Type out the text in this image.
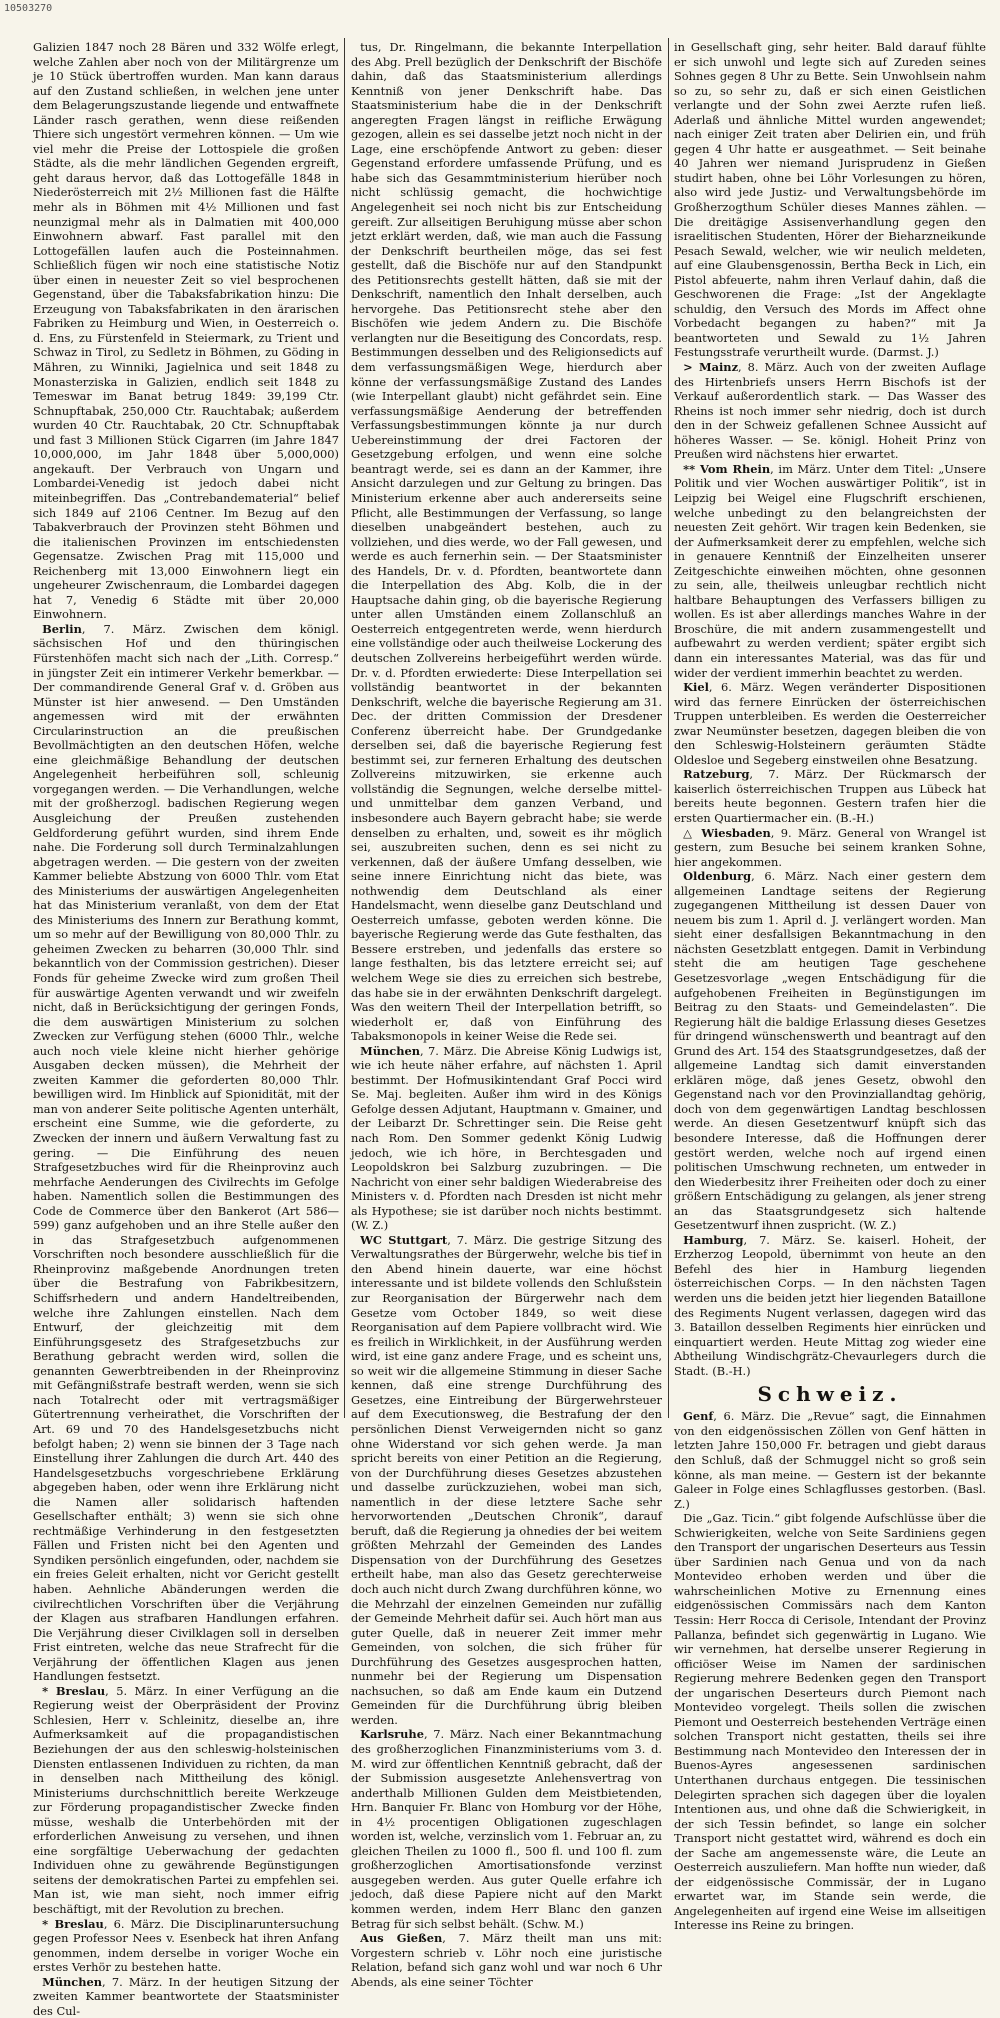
10503270

Galizien 1847 noch 28 Bären und 332 Wölfe erlegt, welche Zahlen aber noch von der Militärgrenze um je 10 Stück übertroffen wurden. Man kann daraus auf den Zustand schließen, in welchen jene unter dem Belagerungszustande liegende und entwaffnete Länder rasch gerathen, wenn diese reißenden Thiere sich ungestört vermehren können. — Um wie viel mehr die Preise der Lottospiele die großen Städte, als die mehr ländlichen Gegenden ergreift, geht daraus hervor, daß das Lottogefälle 1848 in Niederösterreich mit 2½ Millionen fast die Hälfte mehr als in Böhmen mit 4½ Millionen und fast neunzigmal mehr als in Dalmatien mit 400,000 Einwohnern abwarf. Fast parallel mit den Lottogefällen laufen auch die Posteinnahmen. Schließlich fügen wir noch eine statistische Notiz über einen in neuester Zeit so viel besprochenen Gegenstand, über die Tabaksfabrikation hinzu: Die Erzeugung von Tabaksfabrikaten in den ärarischen Fabriken zu Heimburg und Wien, in Oesterreich o. d. Ens, zu Fürstenfeld in Steiermark, zu Trient und Schwaz in Tirol, zu Sedletz in Böhmen, zu Göding in Mähren, zu Winniki, Jagielnica und seit 1848 zu Monasterziska in Galizien, endlich seit 1848 zu Temeswar im Banat betrug 1849: 39,199 Ctr. Schnupftabak, 250,000 Ctr. Rauchtabak; außerdem wurden 40 Ctr. Rauchtabak, 20 Ctr. Schnupftabak und fast 3 Millionen Stück Cigarren (im Jahre 1847 10,000,000, im Jahr 1848 über 5,000,000) angekauft. Der Verbrauch von Ungarn und Lombardei-Venedig ist jedoch dabei nicht miteinbegriffen. Das „Contrebandematerial“ belief sich 1849 auf 2106 Centner. Im Bezug auf den Tabakverbrauch der Provinzen steht Böhmen und die italienischen Provinzen im entschiedensten Gegensatze. Zwischen Prag mit 115,000 und Reichenberg mit 13,000 Einwohnern liegt ein ungeheurer Zwischenraum, die Lombardei dagegen hat 7, Venedig 6 Städte mit über 20,000 Einwohnern.

Berlin, 7. März. Zwischen dem königl. sächsischen Hof und den thüringischen Fürstenhöfen macht sich nach der „Lith. Corresp.“ in jüngster Zeit ein intimerer Verkehr bemerkbar. — Der commandirende General Graf v. d. Gröben aus Münster ist hier anwesend. — Den Umständen angemessen wird mit der erwähnten Circularinstruction an die preußischen Bevollmächtigten an den deutschen Höfen, welche eine gleichmäßige Behandlung der deutschen Angelegenheit herbeiführen soll, schleunig vorgegangen werden. — Die Verhandlungen, welche mit der großherzogl. badischen Regierung wegen Ausgleichung der Preußen zustehenden Geldforderung geführt wurden, sind ihrem Ende nahe. Die Forderung soll durch Terminalzahlungen abgetragen werden. — Die gestern von der zweiten Kammer beliebte Abstzung von 6000 Thlr. vom Etat des Ministeriums der auswärtigen Angelegenheiten hat das Ministerium veranlaßt, von dem der Etat des Ministeriums des Innern zur Berathung kommt, um so mehr auf der Bewilligung von 80,000 Thlr. zu geheimen Zwecken zu beharren (30,000 Thlr. sind bekanntlich von der Commission gestrichen). Dieser Fonds für geheime Zwecke wird zum großen Theil für auswärtige Agenten verwandt und wir zweifeln nicht, daß in Berücksichtigung der geringen Fonds, die dem auswärtigen Ministerium zu solchen Zwecken zur Verfügung stehen (6000 Thlr., welche auch noch viele kleine nicht hierher gehörige Ausgaben decken müssen), die Mehrheit der zweiten Kammer die geforderten 80,000 Thlr. bewilligen wird. Im Hinblick auf Spionidität, mit der man von anderer Seite politische Agenten unterhält, erscheint eine Summe, wie die geforderte, zu Zwecken der innern und äußern Verwaltung fast zu gering. — Die Einführung des neuen Strafgesetzbuches wird für die Rheinprovinz auch mehrfache Aenderungen des Civilrechts im Gefolge haben. Namentlich sollen die Bestimmungen des Code de Commerce über den Bankerot (Art 586—599) ganz aufgehoben und an ihre Stelle außer den in das Strafgesetzbuch aufgenommenen Vorschriften noch besondere ausschließlich für die Rheinprovinz maßgebende Anordnungen treten über die Bestrafung von Fabrikbesitzern, Schiffsrhedern und andern Handeltreibenden, welche ihre Zahlungen einstellen. Nach dem Entwurf, der gleichzeitig mit dem Einführungsgesetz des Strafgesetzbuchs zur Berathung gebracht werden wird, sollen die genannten Gewerbtreibenden in der Rheinprovinz mit Gefängnißstrafe bestraft werden, wenn sie sich nach Totalrecht oder mit vertragsmäßiger Gütertrennung verheirathet, die Vorschriften der Art. 69 und 70 des Handelsgesetzbuchs nicht befolgt haben; 2) wenn sie binnen der 3 Tage nach Einstellung ihrer Zahlungen die durch Art. 440 des Handelsgesetzbuchs vorgeschriebene Erklärung abgegeben haben, oder wenn ihre Erklärung nicht die Namen aller solidarisch haftenden Gesellschafter enthält; 3) wenn sie sich ohne rechtmäßige Verhinderung in den festgesetzten Fällen und Fristen nicht bei den Agenten und Syndiken persönlich eingefunden, oder, nachdem sie ein freies Geleit erhalten, nicht vor Gericht gestellt haben. Aehnliche Abänderungen werden die civilrechtlichen Vorschriften über die Verjährung der Klagen aus strafbaren Handlungen erfahren. Die Verjährung dieser Civilklagen soll in derselben Frist eintreten, welche das neue Strafrecht für die Verjährung der öffentlichen Klagen aus jenen Handlungen festsetzt.

* Breslau, 5. März. In einer Verfügung an die Regierung weist der Oberpräsident der Provinz Schlesien, Herr v. Schleinitz, dieselbe an, ihre Aufmerksamkeit auf die propagandistischen Beziehungen der aus den schleswig-holsteinischen Diensten entlassenen Individuen zu richten, da man in denselben nach Mittheilung des königl. Ministeriums durchschnittlich bereite Werkzeuge zur Förderung propagandistischer Zwecke finden müsse, weshalb die Unterbehörden mit der erforderlichen Anweisung zu versehen, und ihnen eine sorgfältige Ueberwachung der gedachten Individuen ohne zu gewährende Begünstigungen seitens der demokratischen Partei zu empfehlen sei. Man ist, wie man sieht, noch immer eifrig beschäftigt, mit der Revolution zu brechen.

* Breslau, 6. März. Die Disciplinaruntersuchung gegen Professor Nees v. Esenbeck hat ihren Anfang genommen, indem derselbe in voriger Woche ein erstes Verhör zu bestehen hatte.

München, 7. März. In der heutigen Sitzung der zweiten Kammer beantwortete der Staatsminister des Cul-

tus, Dr. Ringelmann, die bekannte Interpellation des Abg. Prell bezüglich der Denkschrift der Bischöfe dahin, daß das Staatsministerium allerdings Kenntniß von jener Denkschrift habe. Das Staatsministerium habe die in der Denkschrift angeregten Fragen längst in reifliche Erwägung gezogen, allein es sei dasselbe jetzt noch nicht in der Lage, eine erschöpfende Antwort zu geben: dieser Gegenstand erfordere umfassende Prüfung, und es habe sich das Gesammtministerium hierüber noch nicht schlüssig gemacht, die hochwichtige Angelegenheit sei noch nicht bis zur Entscheidung gereift. Zur allseitigen Beruhigung müsse aber schon jetzt erklärt werden, daß, wie man auch die Fassung der Denkschrift beurtheilen möge, das sei fest gestellt, daß die Bischöfe nur auf den Standpunkt des Petitionsrechts gestellt hätten, daß sie mit der Denkschrift, namentlich den Inhalt derselben, auch hervorgehe. Das Petitionsrecht stehe aber den Bischöfen wie jedem Andern zu. Die Bischöfe verlangten nur die Beseitigung des Concordats, resp. Bestimmungen desselben und des Religionsedicts auf dem verfassungsmäßigen Wege, hierdurch aber könne der verfassungsmäßige Zustand des Landes (wie Interpellant glaubt) nicht gefährdet sein. Eine verfassungsmäßige Aenderung der betreffenden Verfassungsbestimmungen könnte ja nur durch Uebereinstimmung der drei Factoren der Gesetzgebung erfolgen, und wenn eine solche beantragt werde, sei es dann an der Kammer, ihre Ansicht darzulegen und zur Geltung zu bringen. Das Ministerium erkenne aber auch andererseits seine Pflicht, alle Bestimmungen der Verfassung, so lange dieselben unabgeändert bestehen, auch zu vollziehen, und dies werde, wo der Fall gewesen, und werde es auch fernerhin sein. — Der Staatsminister des Handels, Dr. v. d. Pfordten, beantwortete dann die Interpellation des Abg. Kolb, die in der Hauptsache dahin ging, ob die bayerische Regierung unter allen Umständen einem Zollanschluß an Oesterreich entgegentreten werde, wenn hierdurch eine vollständige oder auch theilweise Lockerung des deutschen Zollvereins herbeigeführt werden würde. Dr. v. d. Pfordten erwiederte: Diese Interpellation sei vollständig beantwortet in der bekannten Denkschrift, welche die bayerische Regierung am 31. Dec. der dritten Commission der Dresdener Conferenz überreicht habe. Der Grundgedanke derselben sei, daß die bayerische Regierung fest bestimmt sei, zur ferneren Erhaltung des deutschen Zollvereins mitzuwirken, sie erkenne auch vollständig die Segnungen, welche derselbe mittel- und unmittelbar dem ganzen Verband, und insbesondere auch Bayern gebracht habe; sie werde denselben zu erhalten, und, soweit es ihr möglich sei, auszubreiten suchen, denn es sei nicht zu verkennen, daß der äußere Umfang desselben, wie seine innere Einrichtung nicht das biete, was nothwendig dem Deutschland als einer Handelsmacht, wenn dieselbe ganz Deutschland und Oesterreich umfasse, geboten werden könne. Die bayerische Regierung werde das Gute festhalten, das Bessere erstreben, und jedenfalls das erstere so lange festhalten, bis das letztere erreicht sei; auf welchem Wege sie dies zu erreichen sich bestrebe, das habe sie in der erwähnten Denkschrift dargelegt. Was den weitern Theil der Interpellation betrifft, so wiederholt er, daß von Einführung des Tabaksmonopols in keiner Weise die Rede sei.

München, 7. März. Die Abreise König Ludwigs ist, wie ich heute näher erfahre, auf nächsten 1. April bestimmt. Der Hofmusikintendant Graf Pocci wird Se. Maj. begleiten. Außer ihm wird in des Königs Gefolge dessen Adjutant, Hauptmann v. Gmainer, und der Leibarzt Dr. Schrettinger sein. Die Reise geht nach Rom. Den Sommer gedenkt König Ludwig jedoch, wie ich höre, in Berchtesgaden und Leopoldskron bei Salzburg zuzubringen. — Die Nachricht von einer sehr baldigen Wiederabreise des Ministers v. d. Pfordten nach Dresden ist nicht mehr als Hypothese; sie ist darüber noch nichts bestimmt. (W. Z.)

WC Stuttgart, 7. März. Die gestrige Sitzung des Verwaltungsrathes der Bürgerwehr, welche bis tief in den Abend hinein dauerte, war eine höchst interessante und ist bildete vollends den Schlußstein zur Reorganisation der Bürgerwehr nach dem Gesetze vom October 1849, so weit diese Reorganisation auf dem Papiere vollbracht wird. Wie es freilich in Wirklichkeit, in der Ausführung werden wird, ist eine ganz andere Frage, und es scheint uns, so weit wir die allgemeine Stimmung in dieser Sache kennen, daß eine strenge Durchführung des Gesetzes, eine Eintreibung der Bürgerwehrsteuer auf dem Executionsweg, die Bestrafung der den persönlichen Dienst Verweigernden nicht so ganz ohne Widerstand vor sich gehen werde. Ja man spricht bereits von einer Petition an die Regierung, von der Durchführung dieses Gesetzes abzustehen und dasselbe zurückzuziehen, wobei man sich, namentlich in der diese letztere Sache sehr hervorwortenden „Deutschen Chronik“, darauf beruft, daß die Regierung ja ohnedies der bei weitem größten Mehrzahl der Gemeinden des Landes Dispensation von der Durchführung des Gesetzes ertheilt habe, man also das Gesetz gerechterweise doch auch nicht durch Zwang durchführen könne, wo die Mehrzahl der einzelnen Gemeinden nur zufällig der Gemeinde Mehrheit dafür sei. Auch hört man aus guter Quelle, daß in neuerer Zeit immer mehr Gemeinden, von solchen, die sich früher für Durchführung des Gesetzes ausgesprochen hatten, nunmehr bei der Regierung um Dispensation nachsuchen, so daß am Ende kaum ein Dutzend Gemeinden für die Durchführung übrig bleiben werden.

Karlsruhe, 7. März. Nach einer Bekanntmachung des großherzoglichen Finanzministeriums vom 3. d. M. wird zur öffentlichen Kenntniß gebracht, daß der der Submission ausgesetzte Anlehensvertrag von anderthalb Millionen Gulden dem Meistbietenden, Hrn. Banquier Fr. Blanc von Homburg vor der Höhe, in 4½ procentigen Obligationen zugeschlagen worden ist, welche, verzinslich vom 1. Februar an, zu gleichen Theilen zu 1000 fl., 500 fl. und 100 fl. zum großherzoglichen Amortisationsfonde verzinst ausgegeben werden. Aus guter Quelle erfahre ich jedoch, daß diese Papiere nicht auf den Markt kommen werden, indem Herr Blanc den ganzen Betrag für sich selbst behält. (Schw. M.)

Aus Gießen, 7. März theilt man uns mit: Vorgestern schrieb v. Löhr noch eine juristische Relation, befand sich ganz wohl und war noch 6 Uhr Abends, als eine seiner Töchter

in Gesellschaft ging, sehr heiter. Bald darauf fühlte er sich unwohl und legte sich auf Zureden seines Sohnes gegen 8 Uhr zu Bette. Sein Unwohlsein nahm so zu, so sehr zu, daß er sich einen Geistlichen verlangte und der Sohn zwei Aerzte rufen ließ. Aderlaß und ähnliche Mittel wurden angewendet; nach einiger Zeit traten aber Delirien ein, und früh gegen 4 Uhr hatte er ausgeathmet. — Seit beinahe 40 Jahren wer niemand Jurisprudenz in Gießen studirt haben, ohne bei Löhr Vorlesungen zu hören, also wird jede Justiz- und Verwaltungsbehörde im Großherzogthum Schüler dieses Mannes zählen. — Die dreitägige Assisenverhandlung gegen den israelitischen Studenten, Hörer der Bieharzneikunde Pesach Sewald, welcher, wie wir neulich meldeten, auf eine Glaubensgenossin, Bertha Beck in Lich, ein Pistol abfeuerte, nahm ihren Verlauf dahin, daß die Geschworenen die Frage: „Ist der Angeklagte schuldig, den Versuch des Mords im Affect ohne Vorbedacht begangen zu haben?“ mit Ja beantworteten und Sewald zu 1½ Jahren Festungsstrafe verurtheilt wurde. (Darmst. J.)

> Mainz, 8. März. Auch von der zweiten Auflage des Hirtenbriefs unsers Herrn Bischofs ist der Verkauf außerordentlich stark. — Das Wasser des Rheins ist noch immer sehr niedrig, doch ist durch den in der Schweiz gefallenen Schnee Aussicht auf höheres Wasser. — Se. königl. Hoheit Prinz von Preußen wird nächstens hier erwartet.

** Vom Rhein, im März. Unter dem Titel: „Unsere Politik und vier Wochen auswärtiger Politik“, ist in Leipzig bei Weigel eine Flugschrift erschienen, welche unbedingt zu den belangreichsten der neuesten Zeit gehört. Wir tragen kein Bedenken, sie der Aufmerksamkeit derer zu empfehlen, welche sich in genauere Kenntniß der Einzelheiten unserer Zeitgeschichte einweihen möchten, ohne gesonnen zu sein, alle, theilweis unleugbar rechtlich nicht haltbare Behauptungen des Verfassers billigen zu wollen. Es ist aber allerdings manches Wahre in der Broschüre, die mit andern zusammengestellt und aufbewahrt zu werden verdient; später ergibt sich dann ein interessantes Material, was das für und wider der verdient immerhin beachtet zu werden.

Kiel, 6. März. Wegen veränderter Dispositionen wird das fernere Einrücken der österreichischen Truppen unterbleiben. Es werden die Oesterreicher zwar Neumünster besetzen, dagegen bleiben die von den Schleswig-Holsteinern geräumten Städte Oldesloe und Segeberg einstweilen ohne Besatzung.

Ratzeburg, 7. März. Der Rückmarsch der kaiserlich österreichischen Truppen aus Lübeck hat bereits heute begonnen. Gestern trafen hier die ersten Quartiermacher ein. (B.-H.)

△ Wiesbaden, 9. März. General von Wrangel ist gestern, zum Besuche bei seinem kranken Sohne, hier angekommen.

Oldenburg, 6. März. Nach einer gestern dem allgemeinen Landtage seitens der Regierung zugegangenen Mittheilung ist dessen Dauer von neuem bis zum 1. April d. J. verlängert worden. Man sieht einer desfallsigen Bekanntmachung in den nächsten Gesetzblatt entgegen. Damit in Verbindung steht die am heutigen Tage geschehene Gesetzesvorlage „wegen Entschädigung für die aufgehobenen Freiheiten in Begünstigungen im Beitrag zu den Staats- und Gemeindelasten“. Die Regierung hält die baldige Erlassung dieses Gesetzes für dringend wünschenswerth und beantragt auf den Grund des Art. 154 des Staatsgrundgesetzes, daß der allgemeine Landtag sich damit einverstanden erklären möge, daß jenes Gesetz, obwohl den Gegenstand nach vor den Provinziallandtag gehörig, doch von dem gegenwärtigen Landtag beschlossen werde. An diesen Gesetzentwurf knüpft sich das besondere Interesse, daß die Hoffnungen derer gestört werden, welche noch auf irgend einen politischen Umschwung rechneten, um entweder in den Wiederbesitz ihrer Freiheiten oder doch zu einer größern Entschädigung zu gelangen, als jener streng an das Staatsgrundgesetz sich haltende Gesetzentwurf ihnen zuspricht. (W. Z.)

Hamburg, 7. März. Se. kaiserl. Hoheit, der Erzherzog Leopold, übernimmt von heute an den Befehl des hier in Hamburg liegenden österreichischen Corps. — In den nächsten Tagen werden uns die beiden jetzt hier liegenden Bataillone des Regiments Nugent verlassen, dagegen wird das 3. Bataillon desselben Regiments hier einrücken und einquartiert werden. Heute Mittag zog wieder eine Abtheilung Windischgrätz-Chevaurlegers durch die Stadt. (B.-H.)

Schweiz.

Genf, 6. März. Die „Revue“ sagt, die Einnahmen von den eidgenössischen Zöllen von Genf hätten in letzten Jahre 150,000 Fr. betragen und giebt daraus den Schluß, daß der Schmuggel nicht so groß sein könne, als man meine. — Gestern ist der bekannte Galeer in Folge eines Schlagflusses gestorben. (Basl. Z.)

Die „Gaz. Ticin.“ gibt folgende Aufschlüsse über die Schwierigkeiten, welche von Seite Sardiniens gegen den Transport der ungarischen Deserteurs aus Tessin über Sardinien nach Genua und von da nach Montevideo erhoben werden und über die wahrscheinlichen Motive zu Ernennung eines eidgenössischen Commissärs nach dem Kanton Tessin: Herr Rocca di Cerisole, Intendant der Provinz Pallanza, befindet sich gegenwärtig in Lugano. Wie wir vernehmen, hat derselbe unserer Regierung in officiöser Weise im Namen der sardinischen Regierung mehrere Bedenken gegen den Transport der ungarischen Deserteurs durch Piemont nach Montevideo vorgelegt. Theils sollen die zwischen Piemont und Oesterreich bestehenden Verträge einen solchen Transport nicht gestatten, theils sei ihre Bestimmung nach Montevideo den Interessen der in Buenos-Ayres angesessenen sardinischen Unterthanen durchaus entgegen. Die tessinischen Delegirten sprachen sich dagegen über die loyalen Intentionen aus, und ohne daß die Schwierigkeit, in der sich Tessin befindet, so lange ein solcher Transport nicht gestattet wird, während es doch ein der Sache am angemessenste wäre, die Leute an Oesterreich auszuliefern. Man hoffte nun wieder, daß der eidgenössische Commissär, der in Lugano erwartet war, im Stande sein werde, die Angelegenheiten auf irgend eine Weise im allseitigen Interesse ins Reine zu bringen.
